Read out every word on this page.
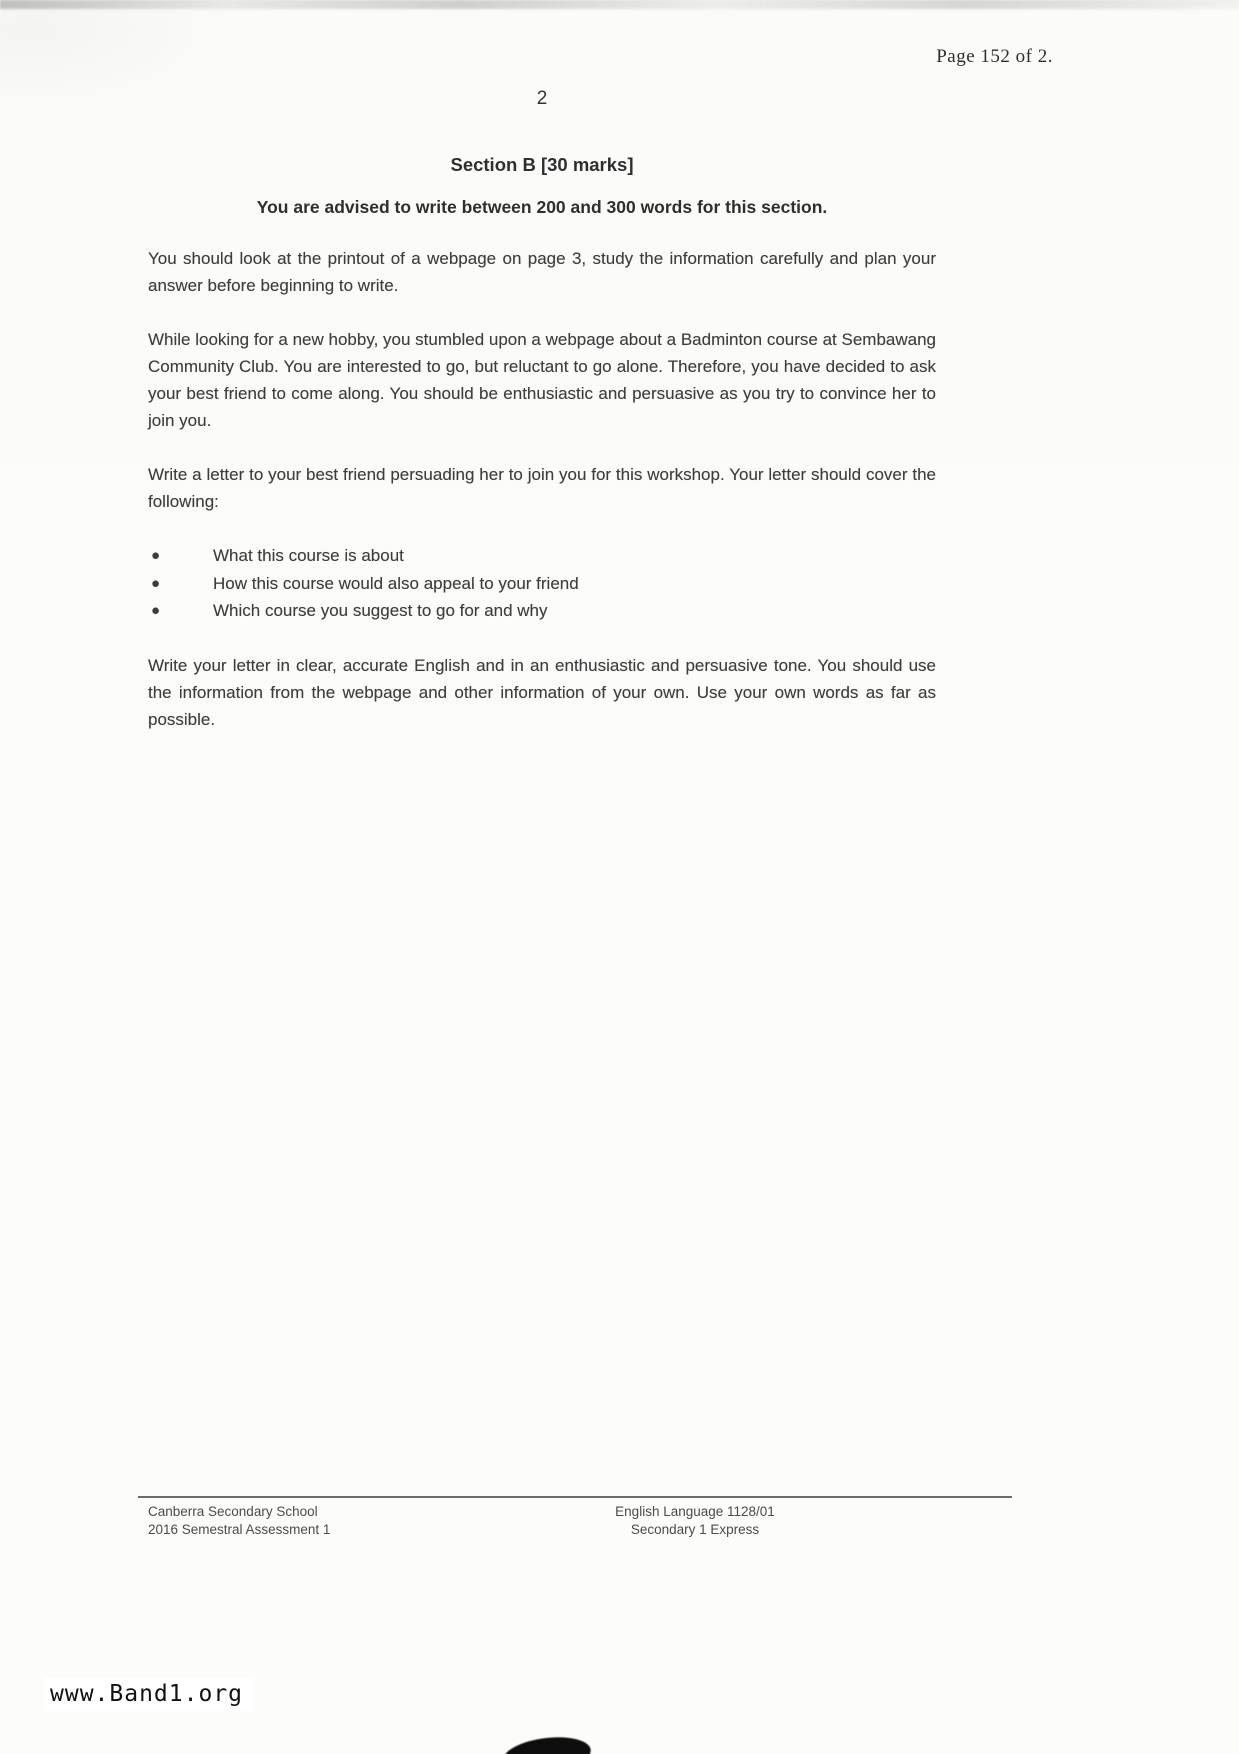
Page 152 of 2.
2
Section B [30 marks]
You are advised to write between 200 and 300 words for this section.

You should look at the printout of a webpage on page 3, study the information carefully and plan your answer before beginning to write.

While looking for a new hobby, you stumbled upon a webpage about a Badminton course at Sembawang Community Club. You are interested to go, but reluctant to go alone. Therefore, you have decided to ask your best friend to come along. You should be enthusiastic and persuasive as you try to convince her to join you.

Write a letter to your best friend persuading her to join you for this workshop. Your letter should cover the following:

●	What this course is about
●	How this course would also appeal to your friend
●	Which course you suggest to go for and why

Write your letter in clear, accurate English and in an enthusiastic and persuasive tone. You should use the information from the webpage and other information of your own. Use your own words as far as possible.

Canberra Secondary School
2016 Semestral Assessment 1
English Language 1128/01
Secondary 1 Express
www.Band1.org
